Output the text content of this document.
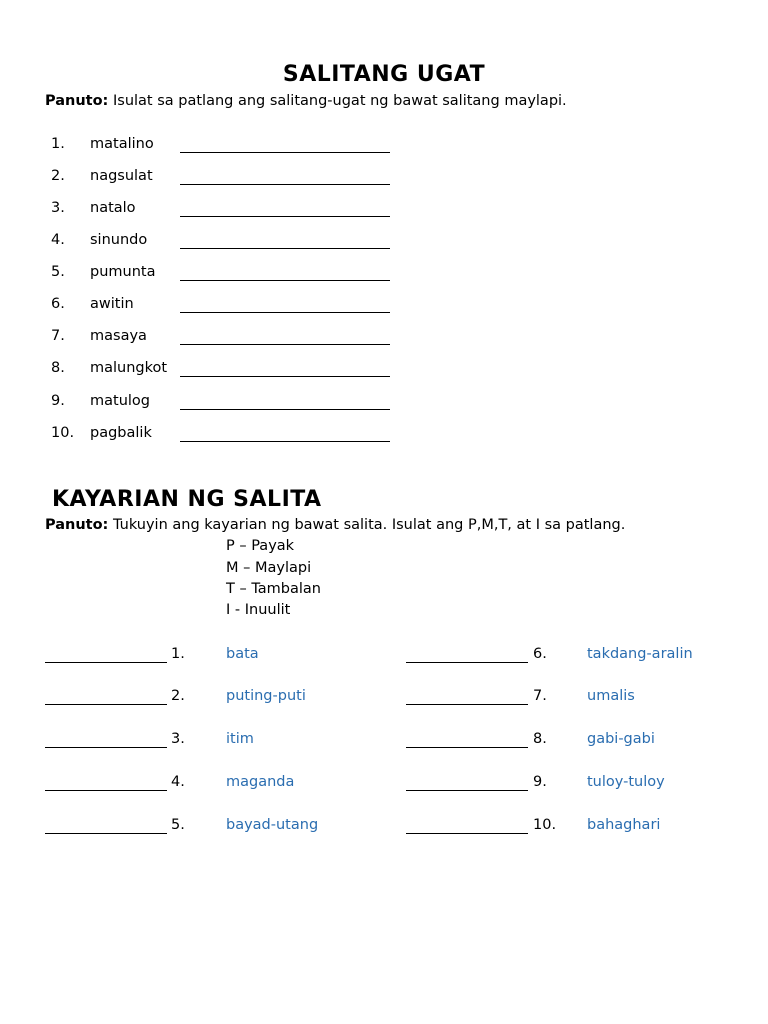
SALITANG UGAT
Panuto: Isulat sa patlang ang salitang-ugat ng bawat salitang maylapi.
1. matalino
2. nagsulat
3. natalo
4. sinundo
5. pumunta
6. awitin
7. masaya
8. malungkot
9. matulog
10. pagbalik
KAYARIAN NG SALITA
Panuto: Tukuyin ang kayarian ng bawat salita. Isulat ang P,M,T, at I sa patlang.
P – Payak
M – Maylapi
T – Tambalan
I - Inuulit
1.	bata	6.	takdang-aralin
2.	puting-puti	7.	umalis
3.	itim	8.	gabi-gabi
4.	maganda	9.	tuloy-tuloy
5.	bayad-utang	10. bahaghari
